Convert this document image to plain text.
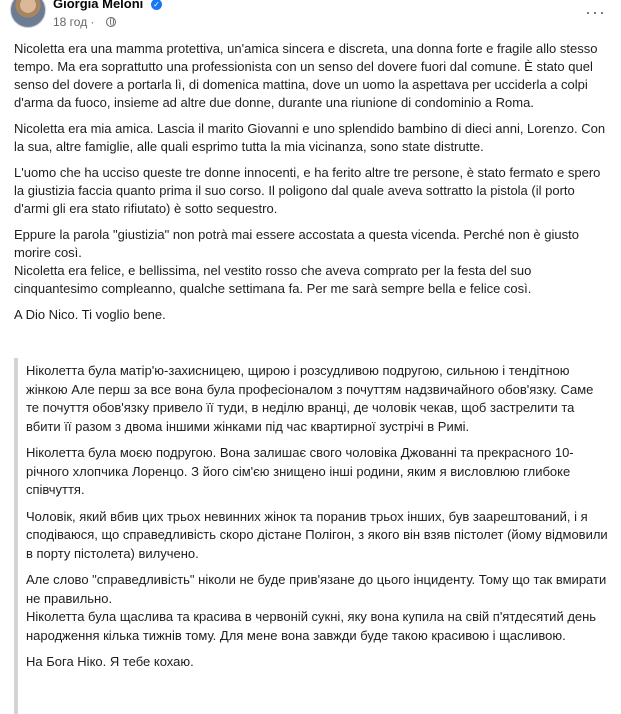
Giorgia Meloni ✓
18 год ·	···

Nicoletta era una mamma protettiva, un'amica sincera e discreta, una donna forte e fragile allo stesso tempo. Ma era soprattutto una professionista con un senso del dovere fuori dal comune. È stato quel senso del dovere a portarla lì, di domenica mattina, dove un uomo la aspettava per ucciderla a colpi d'arma da fuoco, insieme ad altre due donne, durante una riunione di condominio a Roma.

Nicoletta era mia amica. Lascia il marito Giovanni e uno splendido bambino di dieci anni, Lorenzo. Con la sua, altre famiglie, alle quali esprimo tutta la mia vicinanza, sono state distrutte.

L'uomo che ha ucciso queste tre donne innocenti, e ha ferito altre tre persone, è stato fermato e spero la giustizia faccia quanto prima il suo corso. Il poligono dal quale aveva sottratto la pistola (il porto d'armi gli era stato rifiutato) è sotto sequestro.

Eppure la parola "giustizia" non potrà mai essere accostata a questa vicenda. Perché non è giusto morire così.
Nicoletta era felice, e bellissima, nel vestito rosso che aveva comprato per la festa del suo cinquantesimo compleanno, qualche settimana fa. Per me sarà sempre bella e felice così.

A Dio Nico. Ti voglio bene.

Ніколетта була матір'ю-захисницею, щирою і розсудливою подругою, сильною і тендітною жінкою Але перш за все вона була професіоналом з почуттям надзвичайного обов'язку. Саме те почуття обов'язку привело її туди, в неділю вранці, де чоловік чекав, щоб застрелити та вбити її разом з двома іншими жінками під час квартирної зустрічі в Римі.

Ніколетта була моєю подругою. Вона залишає свого чоловіка Джованні та прекрасного 10-річного хлопчика Лоренцо. З його сім'єю знищено інші родини, яким я висловлюю глибоке співчуття.

Чоловік, який вбив цих трьох невинних жінок та поранив трьох інших, був заарештований, і я сподіваюся, що справедливість скоро дістане Полігон, з якого він взяв пістолет (йому відмовили в порту пістолета) вилучено.

Але слово "справедливість" ніколи не буде прив'язане до цього інциденту. Тому що так вмирати не правильно.
Ніколетта була щаслива та красива в червоній сукні, яку вона купила на свій п'ятдесятий день народження кілька тижнів тому. Для мене вона завжди буде такою красивою і щасливою.

На Бога Ніко. Я тебе кохаю.
